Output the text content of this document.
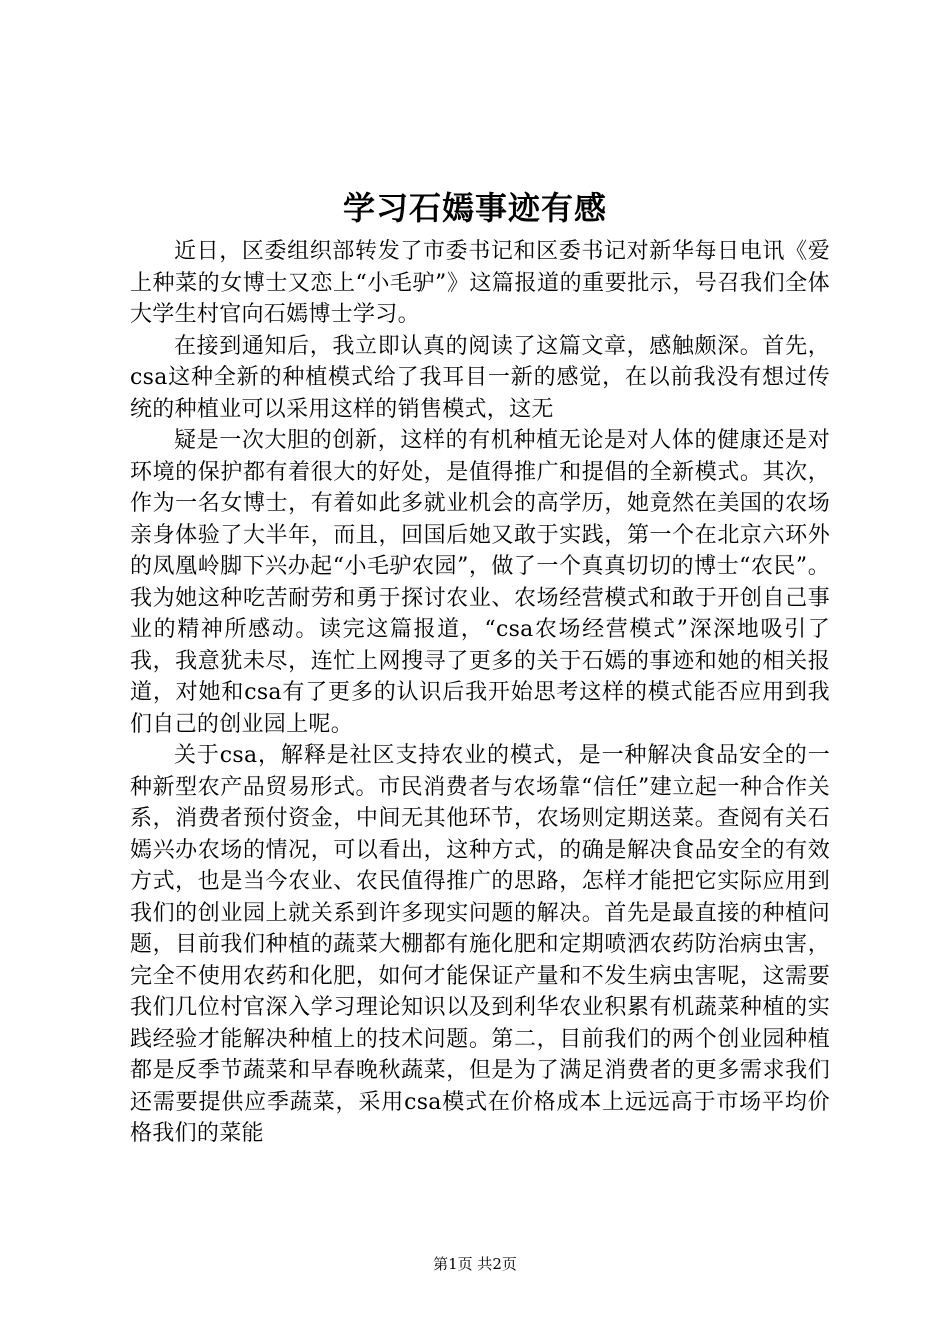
学习石嫣事迹有感

近日，区委组织部转发了市委书记和区委书记对新华每日电讯《爱上种菜的女博士又恋上“小毛驴”》这篇报道的重要批示，号召我们全体大学生村官向石嫣博士学习。

在接到通知后，我立即认真的阅读了这篇文章，感触颇深。首先，csa这种全新的种植模式给了我耳目一新的感觉，在以前我没有想过传统的种植业可以采用这样的销售模式，这无

疑是一次大胆的创新，这样的有机种植无论是对人体的健康还是对环境的保护都有着很大的好处，是值得推广和提倡的全新模式。其次，作为一名女博士，有着如此多就业机会的高学历，她竟然在美国的农场亲身体验了大半年，而且，回国后她又敢于实践，第一个在北京六环外的凤凰岭脚下兴办起“小毛驴农园”，做了一个真真切切的博士“农民”。我为她这种吃苦耐劳和勇于探讨农业、农场经营模式和敢于开创自己事业的精神所感动。读完这篇报道，“csa农场经营模式”深深地吸引了我，我意犹未尽，连忙上网搜寻了更多的关于石嫣的事迹和她的相关报道，对她和csa有了更多的认识后我开始思考这样的模式能否应用到我们自己的创业园上呢。

关于csa，解释是社区支持农业的模式，是一种解决食品安全的一种新型农产品贸易形式。市民消费者与农场靠“信任”建立起一种合作关系，消费者预付资金，中间无其他环节，农场则定期送菜。查阅有关石嫣兴办农场的情况，可以看出，这种方式，的确是解决食品安全的有效方式，也是当今农业、农民值得推广的思路，怎样才能把它实际应用到我们的创业园上就关系到许多现实问题的解决。首先是最直接的种植问题，目前我们种植的蔬菜大棚都有施化肥和定期喷洒农药防治病虫害，完全不使用农药和化肥，如何才能保证产量和不发生病虫害呢，这需要我们几位村官深入学习理论知识以及到利华农业积累有机蔬菜种植的实践经验才能解决种植上的技术问题。第二，目前我们的两个创业园种植都是反季节蔬菜和早春晚秋蔬菜，但是为了满足消费者的更多需求我们还需要提供应季蔬菜，采用csa模式在价格成本上远远高于市场平均价格我们的菜能

第1页 共2页
